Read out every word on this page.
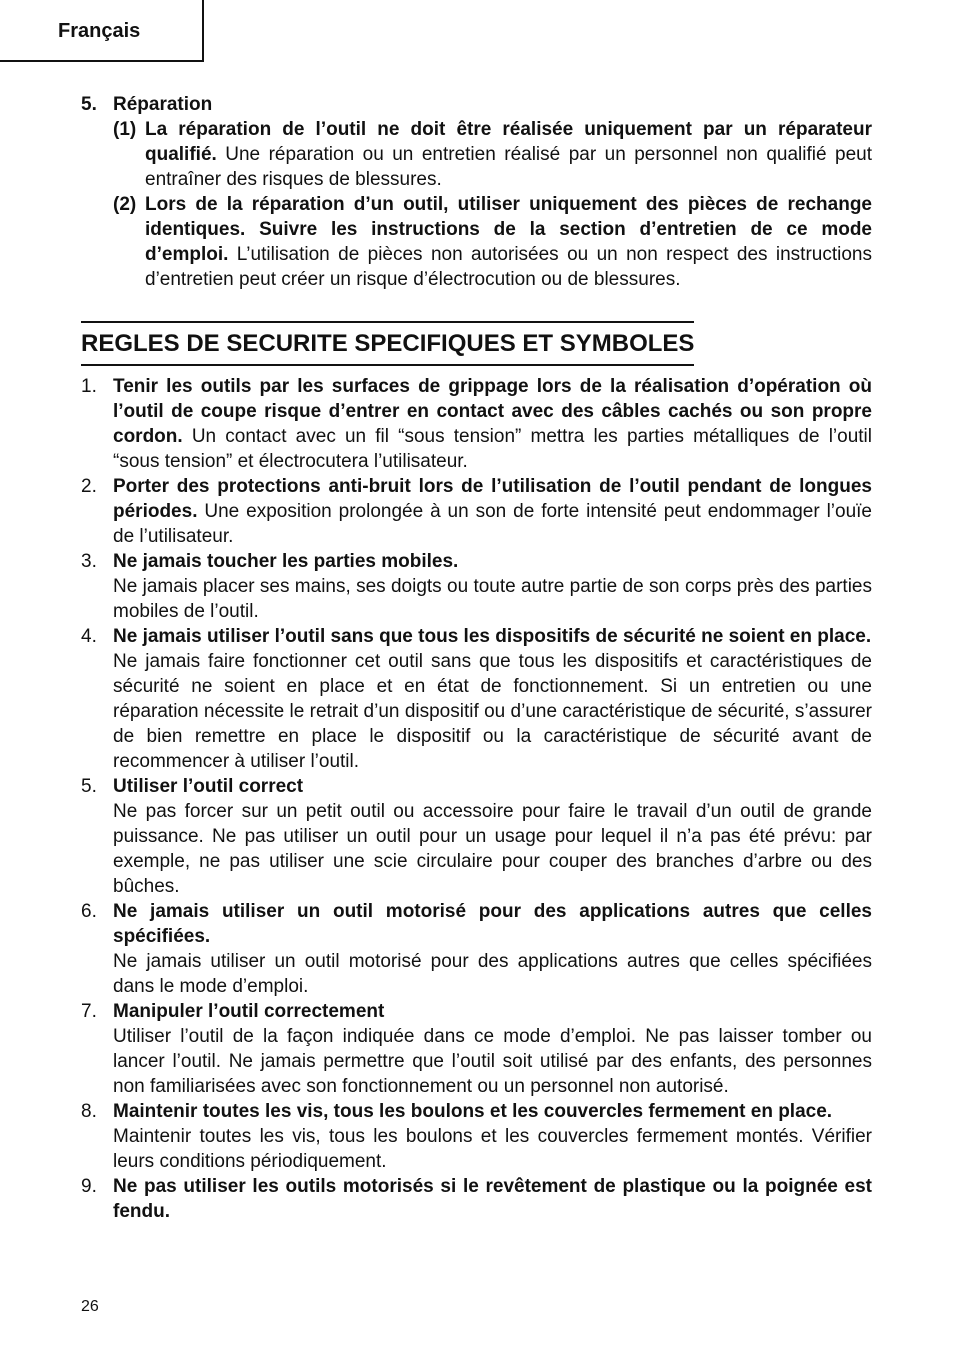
Français
5. Réparation
(1) La réparation de l’outil ne doit être réalisée uniquement par un réparateur qualifié. Une réparation ou un entretien réalisé par un personnel non qualifié peut entraîner des risques de blessures.
(2) Lors de la réparation d’un outil, utiliser uniquement des pièces de rechange identiques. Suivre les instructions de la section d’entretien de ce mode d’emploi. L’utilisation de pièces non autorisées ou un non respect des instructions d’entretien peut créer un risque d’électrocution ou de blessures.
REGLES DE SECURITE SPECIFIQUES ET SYMBOLES
1. Tenir les outils par les surfaces de grippage lors de la réalisation d’opération où l’outil de coupe risque d’entrer en contact avec des câbles cachés ou son propre cordon. Un contact avec un fil “sous tension” mettra les parties métalliques de l’outil “sous tension” et électrocutera l’utilisateur.
2. Porter des protections anti-bruit lors de l’utilisation de l’outil pendant de longues périodes. Une exposition prolongée à un son de forte intensité peut endommager l’ouïe de l’utilisateur.
3. Ne jamais toucher les parties mobiles.
Ne jamais placer ses mains, ses doigts ou toute autre partie de son corps près des parties mobiles de l’outil.
4. Ne jamais utiliser l’outil sans que tous les dispositifs de sécurité ne soient en place.
Ne jamais faire fonctionner cet outil sans que tous les dispositifs et caractéristiques de sécurité ne soient en place et en état de fonctionnement. Si un entretien ou une réparation nécessite le retrait d’un dispositif ou d’une caractéristique de sécurité, s’assurer de bien remettre en place le dispositif ou la caractéristique de sécurité avant de recommencer à utiliser l’outil.
5. Utiliser l’outil correct
Ne pas forcer sur un petit outil ou accessoire pour faire le travail d’un outil de grande puissance. Ne pas utiliser un outil pour un usage pour lequel il n’a pas été prévu: par exemple, ne pas utiliser une scie circulaire pour couper des branches d’arbre ou des bûches.
6. Ne jamais utiliser un outil motorisé pour des applications autres que celles spécifiées.
Ne jamais utiliser un outil motorisé pour des applications autres que celles spécifiées dans le mode d’emploi.
7. Manipuler l’outil correctement
Utiliser l’outil de la façon indiquée dans ce mode d’emploi. Ne pas laisser tomber ou lancer l’outil. Ne jamais permettre que l’outil soit utilisé par des enfants, des personnes non familiarisées avec son fonctionnement ou un personnel non autorisé.
8. Maintenir toutes les vis, tous les boulons et les couvercles fermement en place.
Maintenir toutes les vis, tous les boulons et les couvercles fermement montés. Vérifier leurs conditions périodiquement.
9. Ne pas utiliser les outils motorisés si le revêtement de plastique ou la poignée est fendu.
26
